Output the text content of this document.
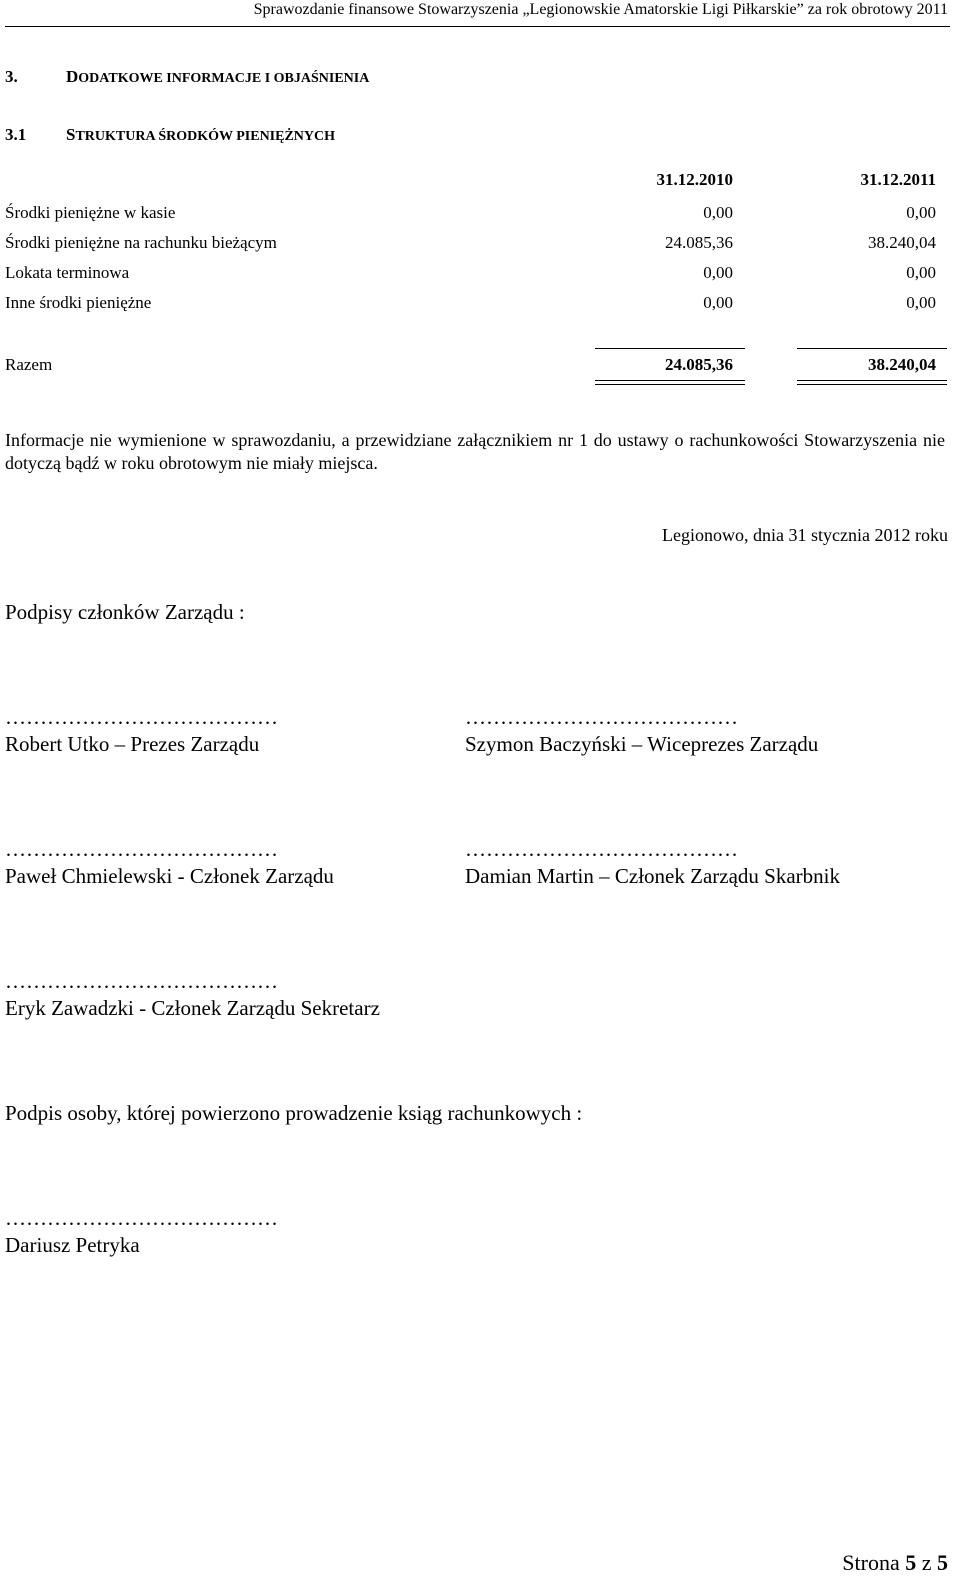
Sprawozdanie finansowe Stowarzyszenia „Legionowskie Amatorskie Ligi Piłkarskie” za rok obrotowy 2011
3.	DODATKOWE INFORMACJE I OBJAŚNIENIA
3.1 STRUKTURA ŚRODKÓW PIENIĘŻNYCH
31.12.2010	31.12.2011
Środki pieniężne w kasie	0,00	0,00
Środki pieniężne na rachunku bieżącym	24.085,36	38.240,04
Lokata terminowa	0,00	0,00
Inne środki pieniężne	0,00	0,00
Razem	24.085,36	38.240,04
Informacje nie wymienione w sprawozdaniu, a przewidziane załącznikiem nr 1 do ustawy o rachunkowości Stowarzyszenia nie dotyczą bądź w roku obrotowym nie miały miejsca.
Legionowo, dnia 31 stycznia 2012 roku
Podpisy członków Zarządu :
…………………………………	…………………………………
Robert Utko – Prezes Zarządu	Szymon Baczyński – Wiceprezes Zarządu
…………………………………	…………………………………
Paweł Chmielewski - Członek Zarządu	Damian Martin – Członek Zarządu Skarbnik
…………………………………
Eryk Zawadzki - Członek Zarządu Sekretarz
Podpis osoby, której powierzono prowadzenie ksiąg rachunkowych :
…………………………………
Dariusz Petryka
Strona 5 z 5
